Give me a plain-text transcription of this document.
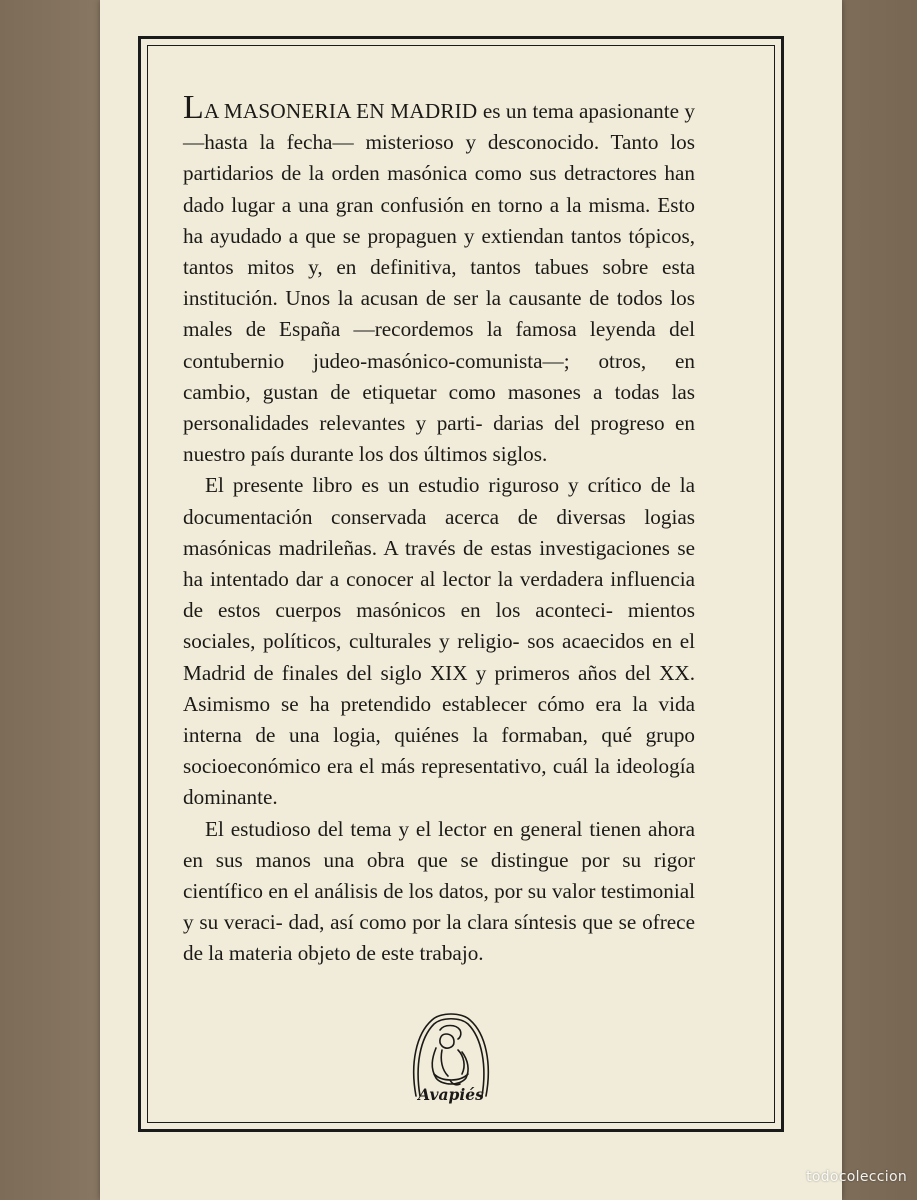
LA MASONERIA EN MADRID es un tema apasionante y —hasta la fecha— misterioso y desconocido. Tanto los partidarios de la orden masónica como sus detractores han dado lugar a una gran confusión en torno a la misma. Esto ha ayudado a que se propaguen y extiendan tantos tópicos, tantos mitos y, en definitiva, tantos tabues sobre esta institución. Unos la acusan de ser la causante de todos los males de España —recordemos la famosa leyenda del contubernio judeo-masónico-comunista—; otros, en cambio, gustan de etiquetar como masones a todas las personalidades relevantes y parti- darias del progreso en nuestro país durante los dos últimos siglos.

El presente libro es un estudio riguroso y crítico de la documentación conservada acerca de diversas logias masónicas madrileñas. A través de estas investigaciones se ha intentado dar a conocer al lector la verdadera influencia de estos cuerpos masónicos en los aconteci- mientos sociales, políticos, culturales y religio- sos acaecidos en el Madrid de finales del siglo XIX y primeros años del XX. Asimismo se ha pretendido establecer cómo era la vida interna de una logia, quiénes la formaban, qué grupo socioeconómico era el más representativo, cuál la ideología dominante.

El estudioso del tema y el lector en general tienen ahora en sus manos una obra que se distingue por su rigor científico en el análisis de los datos, por su valor testimonial y su veraci- dad, así como por la clara síntesis que se ofrece de la materia objeto de este trabajo.

Avapiés
todocoleccion
